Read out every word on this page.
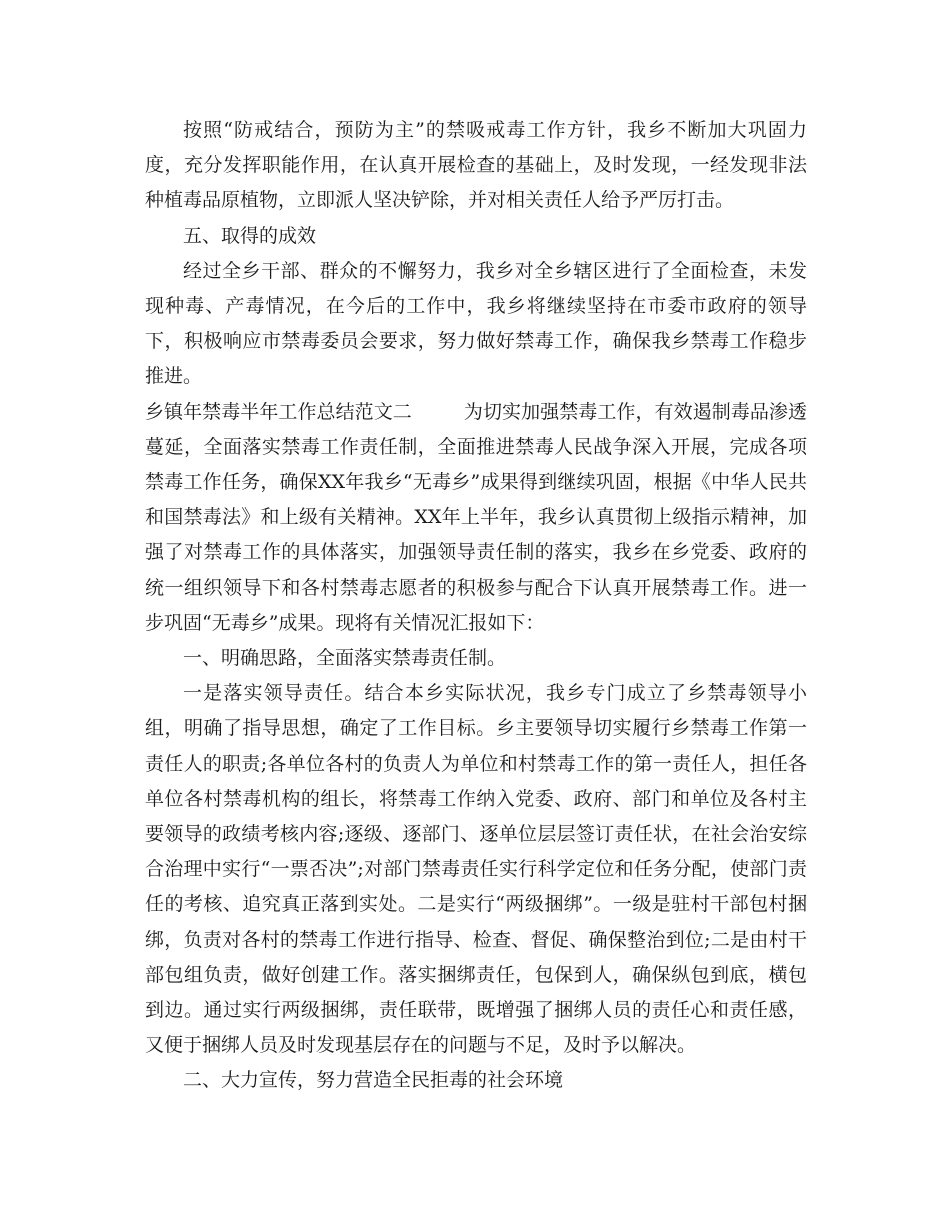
按照“防戒结合，预防为主”的禁吸戒毒工作方针，我乡不断加大巩固力度，充分发挥职能作用，在认真开展检查的基础上，及时发现，一经发现非法种植毒品原植物，立即派人坚决铲除，并对相关责任人给予严厉打击。

五、取得的成效

经过全乡干部、群众的不懈努力，我乡对全乡辖区进行了全面检查，未发现种毒、产毒情况，在今后的工作中，我乡将继续坚持在市委市政府的领导下，积极响应市禁毒委员会要求，努力做好禁毒工作，确保我乡禁毒工作稳步推进。

乡镇年禁毒半年工作总结范文二	为切实加强禁毒工作，有效遏制毒品渗透蔓延，全面落实禁毒工作责任制，全面推进禁毒人民战争深入开展，完成各项禁毒工作任务，确保XX年我乡“无毒乡”成果得到继续巩固，根据《中华人民共和国禁毒法》和上级有关精神。XX年上半年，我乡认真贯彻上级指示精神，加强了对禁毒工作的具体落实，加强领导责任制的落实，我乡在乡党委、政府的统一组织领导下和各村禁毒志愿者的积极参与配合下认真开展禁毒工作。进一步巩固“无毒乡”成果。现将有关情况汇报如下：

一、明确思路，全面落实禁毒责任制。

一是落实领导责任。结合本乡实际状况，我乡专门成立了乡禁毒领导小组，明确了指导思想，确定了工作目标。乡主要领导切实履行乡禁毒工作第一责任人的职责;各单位各村的负责人为单位和村禁毒工作的第一责任人，担任各单位各村禁毒机构的组长，将禁毒工作纳入党委、政府、部门和单位及各村主要领导的政绩考核内容;逐级、逐部门、逐单位层层签订责任状，在社会治安综合治理中实行“一票否决”;对部门禁毒责任实行科学定位和任务分配，使部门责任的考核、追究真正落到实处。二是实行“两级捆绑”。一级是驻村干部包村捆绑，负责对各村的禁毒工作进行指导、检查、督促、确保整治到位;二是由村干部包组负责，做好创建工作。落实捆绑责任，包保到人，确保纵包到底，横包到边。通过实行两级捆绑，责任联带，既增强了捆绑人员的责任心和责任感，又便于捆绑人员及时发现基层存在的问题与不足，及时予以解决。

二、大力宣传，努力营造全民拒毒的社会环境
